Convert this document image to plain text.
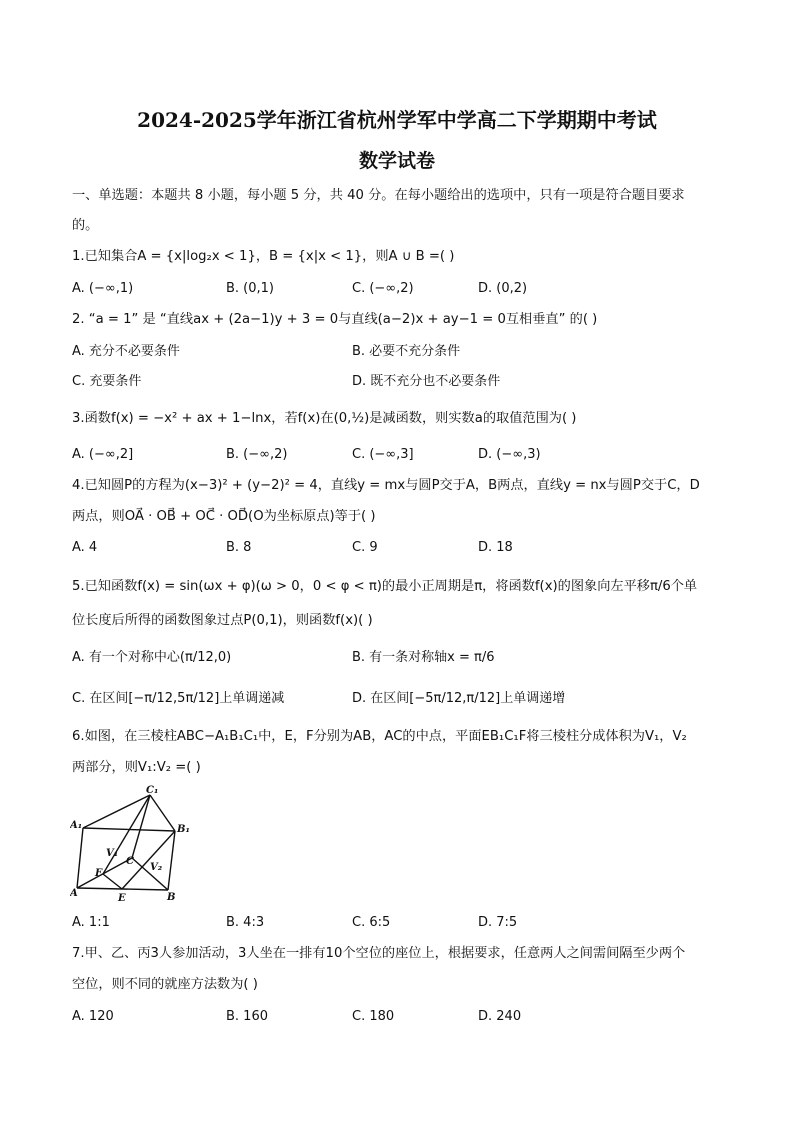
2024-2025学年浙江省杭州学军中学高二下学期期中考试
数学试卷
一、单选题：本题共 8 小题，每小题 5 分，共 40 分。在每小题给出的选项中，只有一项是符合题目要求
的。
1.已知集合A = {x|log₂x < 1}，B = {x|x < 1}，则A ∪ B =( )
A. (−∞,1)	B. (0,1)	C. (−∞,2)	D. (0,2)
2. “a = 1” 是 “直线ax + (2a−1)y + 3 = 0与直线(a−2)x + ay−1 = 0互相垂直” 的( )
A. 充分不必要条件	B. 必要不充分条件
C. 充要条件	D. 既不充分也不必要条件
3.函数f(x) = −x² + ax + 1−lnx，若f(x)在(0,½)是减函数，则实数a的取值范围为( )
A. (−∞,2]	B. (−∞,2)	C. (−∞,3]	D. (−∞,3)
4.已知圆P的方程为(x−3)² + (y−2)² = 4，直线y = mx与圆P交于A，B两点，直线y = nx与圆P交于C，D
两点，则OA⃗ · OB⃗ + OC⃗ · OD⃗(O为坐标原点)等于( )
A. 4	B. 8	C. 9	D. 18
5.已知函数f(x) = sin(ωx + φ)(ω > 0，0 < φ < π)的最小正周期是π，将函数f(x)的图象向左平移π/6个单
位长度后所得的函数图象过点P(0,1)，则函数f(x)( )
A. 有一个对称中心(π/12,0)	B. 有一条对称轴x = π/6
C. 在区间[−π/12,5π/12]上单调递减	D. 在区间[−5π/12,π/12]上单调递增
6.如图，在三棱柱ABC−A₁B₁C₁中，E，F分别为AB，AC的中点，平面EB₁C₁F将三棱柱分成体积为V₁，V₂
两部分，则V₁:V₂ =( )
C₁
A₁	B₁
V₁
V₂
C
F
A	E	B
A. 1:1	B. 4:3	C. 6:5	D. 7:5
7.甲、乙、丙3人参加活动，3人坐在一排有10个空位的座位上，根据要求，任意两人之间需间隔至少两个
空位，则不同的就座方法数为( )
A. 120	B. 160	C. 180	D. 240
